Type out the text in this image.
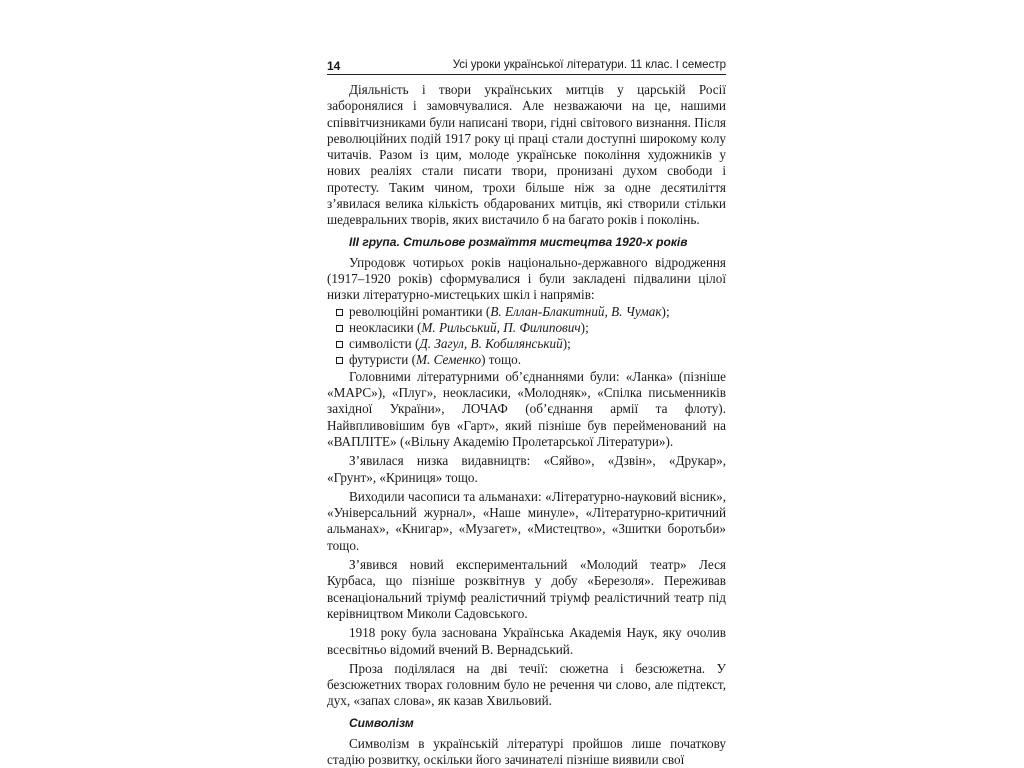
14	Усі уроки української літератури. 11 клас. І семестр

Діяльність і твори українських митців у царській Росії заборонялися і замовчувалися. Але незважаючи на це, нашими співвітчизниками були написані твори, гідні світового визнання. Після революційних подій 1917 року ці праці стали доступні широкому колу читачів. Разом із цим, молоде українське покоління художників у нових реаліях стали писати твори, пронизані духом свободи і протесту. Таким чином, трохи більше ніж за одне десятиліття з’явилася велика кількість обдарованих митців, які створили стільки шедевральних творів, яких вистачило б на багато років і поколінь.

ІІІ група. Стильове розмаїття мистецтва 1920-х років

Упродовж чотирьох років національно-державного відродження (1917–1920 років) сформувалися і були закладені підвалини цілої низки літературно-мистецьких шкіл і напрямів:

революційні романтики (В. Еллан-Блакитний, В. Чумак);
неокласики (М. Рильський, П. Филипович);
символісти (Д. Загул, В. Кобилянський);
футуристи (М. Семенко) тощо.

Головними літературними об’єднаннями були: «Ланка» (пізніше «МАРС»), «Плуг», неокласики, «Молодняк», «Спілка письменників західної України», ЛОЧАФ (об’єднання армії та флоту). Найвпливовішим був «Гарт», який пізніше був перейменований на «ВАПЛІТЕ» («Вільну Академію Пролетарської Літератури»).

З’явилася низка видавництв: «Сяйво», «Дзвін», «Друкар», «Грунт», «Криниця» тощо.

Виходили часописи та альманахи: «Літературно-науковий вісник», «Універсальний журнал», «Наше минуле», «Літературно-критичний альманах», «Книгар», «Музагет», «Мистецтво», «Зшитки боротьби» тощо.

З’явився новий експериментальний «Молодий театр» Леся Курбаса, що пізніше розквітнув у добу «Березоля». Переживав всенаціональний тріумф реалістичний тріумф реалістичний театр під керівництвом Миколи Садовського.

1918 року була заснована Українська Академія Наук, яку очолив всесвітньо відомий вчений В. Вернадський.

Проза поділялася на дві течії: сюжетна і безсюжетна. У безсюжетних творах головним було не речення чи слово, але підтекст, дух, «запах слова», як казав Хвильовий.

Символізм

Символізм в українській літературі пройшов лише початкову стадію розвитку, оскільки його зачинателі пізніше виявили свої
